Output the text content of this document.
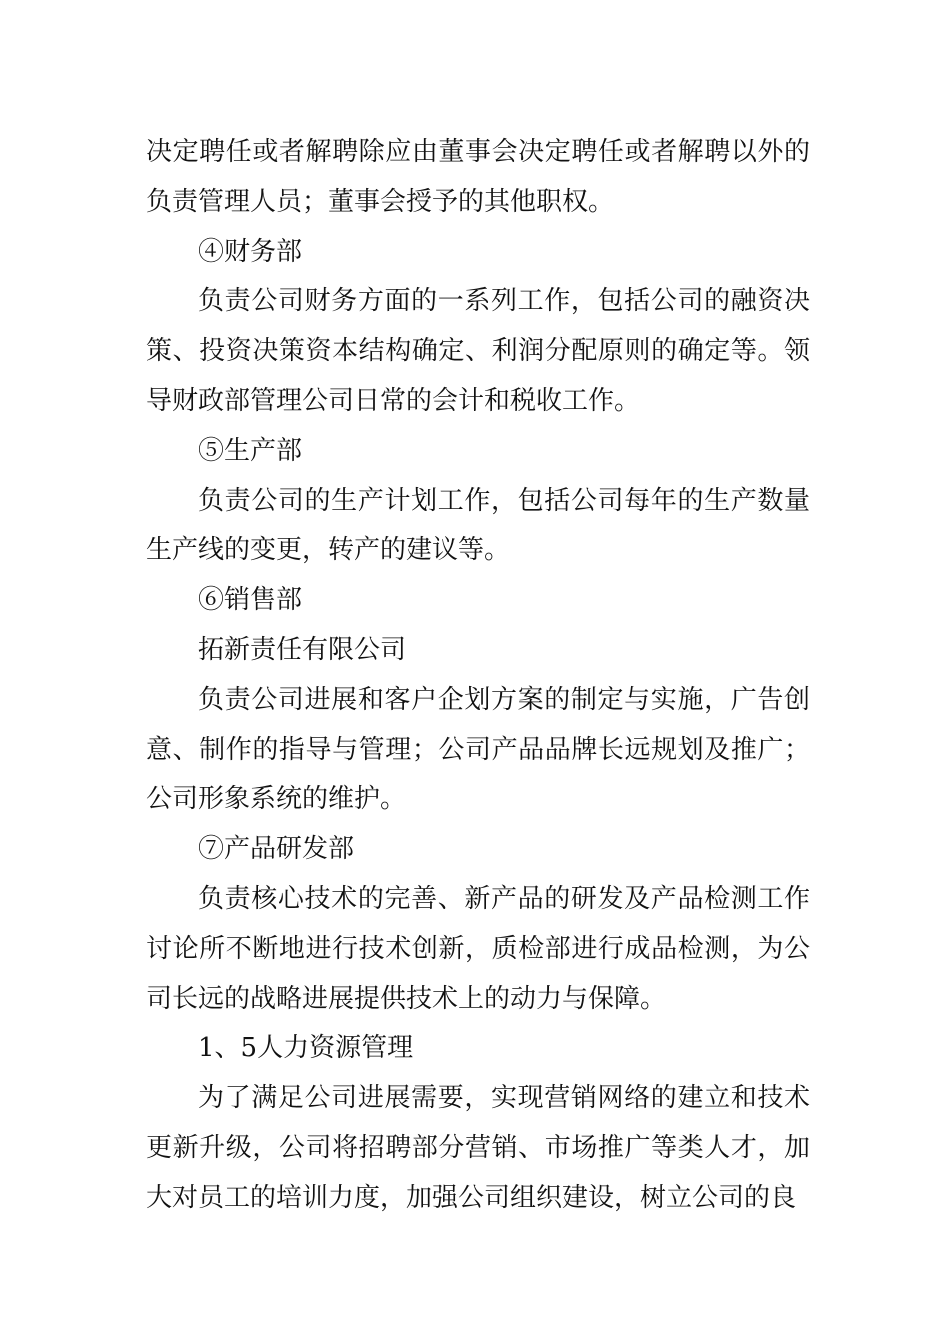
决定聘任或者解聘除应由董事会决定聘任或者解聘以外的负责管理人员；董事会授予的其他职权。

④财务部

负责公司财务方面的一系列工作，包括公司的融资决策、投资决策资本结构确定、利润分配原则的确定等。领导财政部管理公司日常的会计和税收工作。

⑤生产部

负责公司的生产计划工作，包括公司每年的生产数量生产线的变更，转产的建议等。

⑥销售部

拓新责任有限公司

负责公司进展和客户企划方案的制定与实施，广告创意、制作的指导与管理；公司产品品牌长远规划及推广；公司形象系统的维护。

⑦产品研发部

负责核心技术的完善、新产品的研发及产品检测工作讨论所不断地进行技术创新，质检部进行成品检测，为公司长远的战略进展提供技术上的动力与保障。

1、5人力资源管理

为了满足公司进展需要，实现营销网络的建立和技术更新升级，公司将招聘部分营销、市场推广等类人才，加大对员工的培训力度，加强公司组织建设，树立公司的良
